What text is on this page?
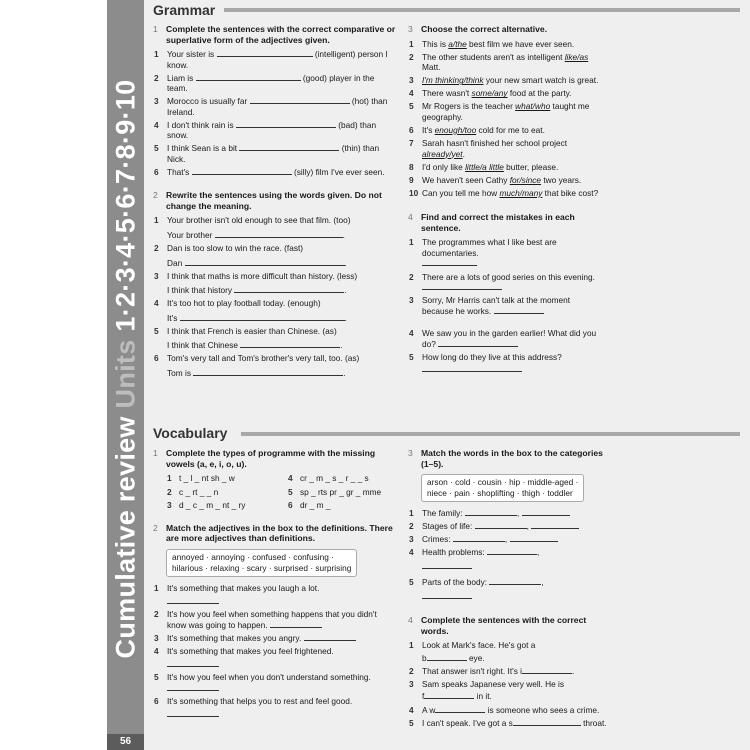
Cumulative review Units 1·2·3·4·5·6·7·8·9·10
56
Grammar
1 Complete the sentences with the correct comparative or superlative form of the adjectives given.
1	Your sister is	(intelligent) person I know.
2	Liam is	(good) player in the team.
3	Morocco is usually far	(hot) than Ireland.
4	I don't think rain is	(bad) than snow.
5	I think Sean is a bit	(thin) than Nick.
6	That's	(silly) film I've ever seen.
2 Rewrite the sentences using the words given. Do not change the meaning.
1	Your brother isn't old enough to see that film. (too)
Your brother	.
2	Dan is too slow to win the race. (fast)
Dan	.
3	I think that maths is more difficult than history. (less)
I think that history	.
4	It's too hot to play football today. (enough)
It's	.
5	I think that French is easier than Chinese. (as)
I think that Chinese	.
6	Tom's very tall and Tom's brother's very tall, too. (as)
Tom is	.
3 Choose the correct alternative.
1	This is a/the best film we have ever seen.
2	The other students aren't as intelligent like/as Matt.
3	I'm thinking/think your new smart watch is great.
4	There wasn't some/any food at the party.
5	Mr Rogers is the teacher what/who taught me geography.
6	It's enough/too cold for me to eat.
7	Sarah hasn't finished her school project already/yet.
8	I'd only like little/a little butter, please.
9	We haven't seen Cathy for/since two years.
10 Can you tell me how much/many that bike cost?
4 Find and correct the mistakes in each sentence.
1	The programmes what I like best are documentaries.
2	There are a lots of good series on this evening.
3	Sorry, Mr Harris can't talk at the moment because he works.
4	We saw you in the garden earlier! What did you do?
5	How long do they live at this address?
Vocabulary
1 Complete the types of programme with the missing vowels (a, e, i, o, u).
1 t _ l _ nt sh _ w	4 cr _ m _ s _ r _ _ s
2 c _ rt _ _ n	5 sp _ rts pr _ gr _ mme
3 d _ c _ m _ nt _ ry	6 dr _ m _
2 Match the adjectives in the box to the definitions. There are more adjectives than definitions.
annoyed · annoying · confused · confusing ·
hilarious · relaxing · scary · surprised · surprising
1	It's something that makes you laugh a lot.
2	It's how you feel when something happens that you didn't know was going to happen.
3	It's something that makes you angry.
4	It's something that makes you feel frightened.
5	It's how you feel when you don't understand something.
6	It's something that helps you to rest and feel good.
3 Match the words in the box to the categories (1–5).
arson · cold · cousin · hip · middle-aged ·
niece · pain · shoplifting · thigh · toddler
1	The family:	,
2	Stages of life:	,
3	Crimes:	,
4	Health problems:	,
5	Parts of the body:	,
4 Complete the sentences with the correct words.
1	Look at Mark's face. He's got a
b	eye.
2	That answer isn't right. It's i	.
3	Sam speaks Japanese very well. He is
f	in it.
4	A w	is someone who sees a crime.
5	I can't speak. I've got a s	throat.
